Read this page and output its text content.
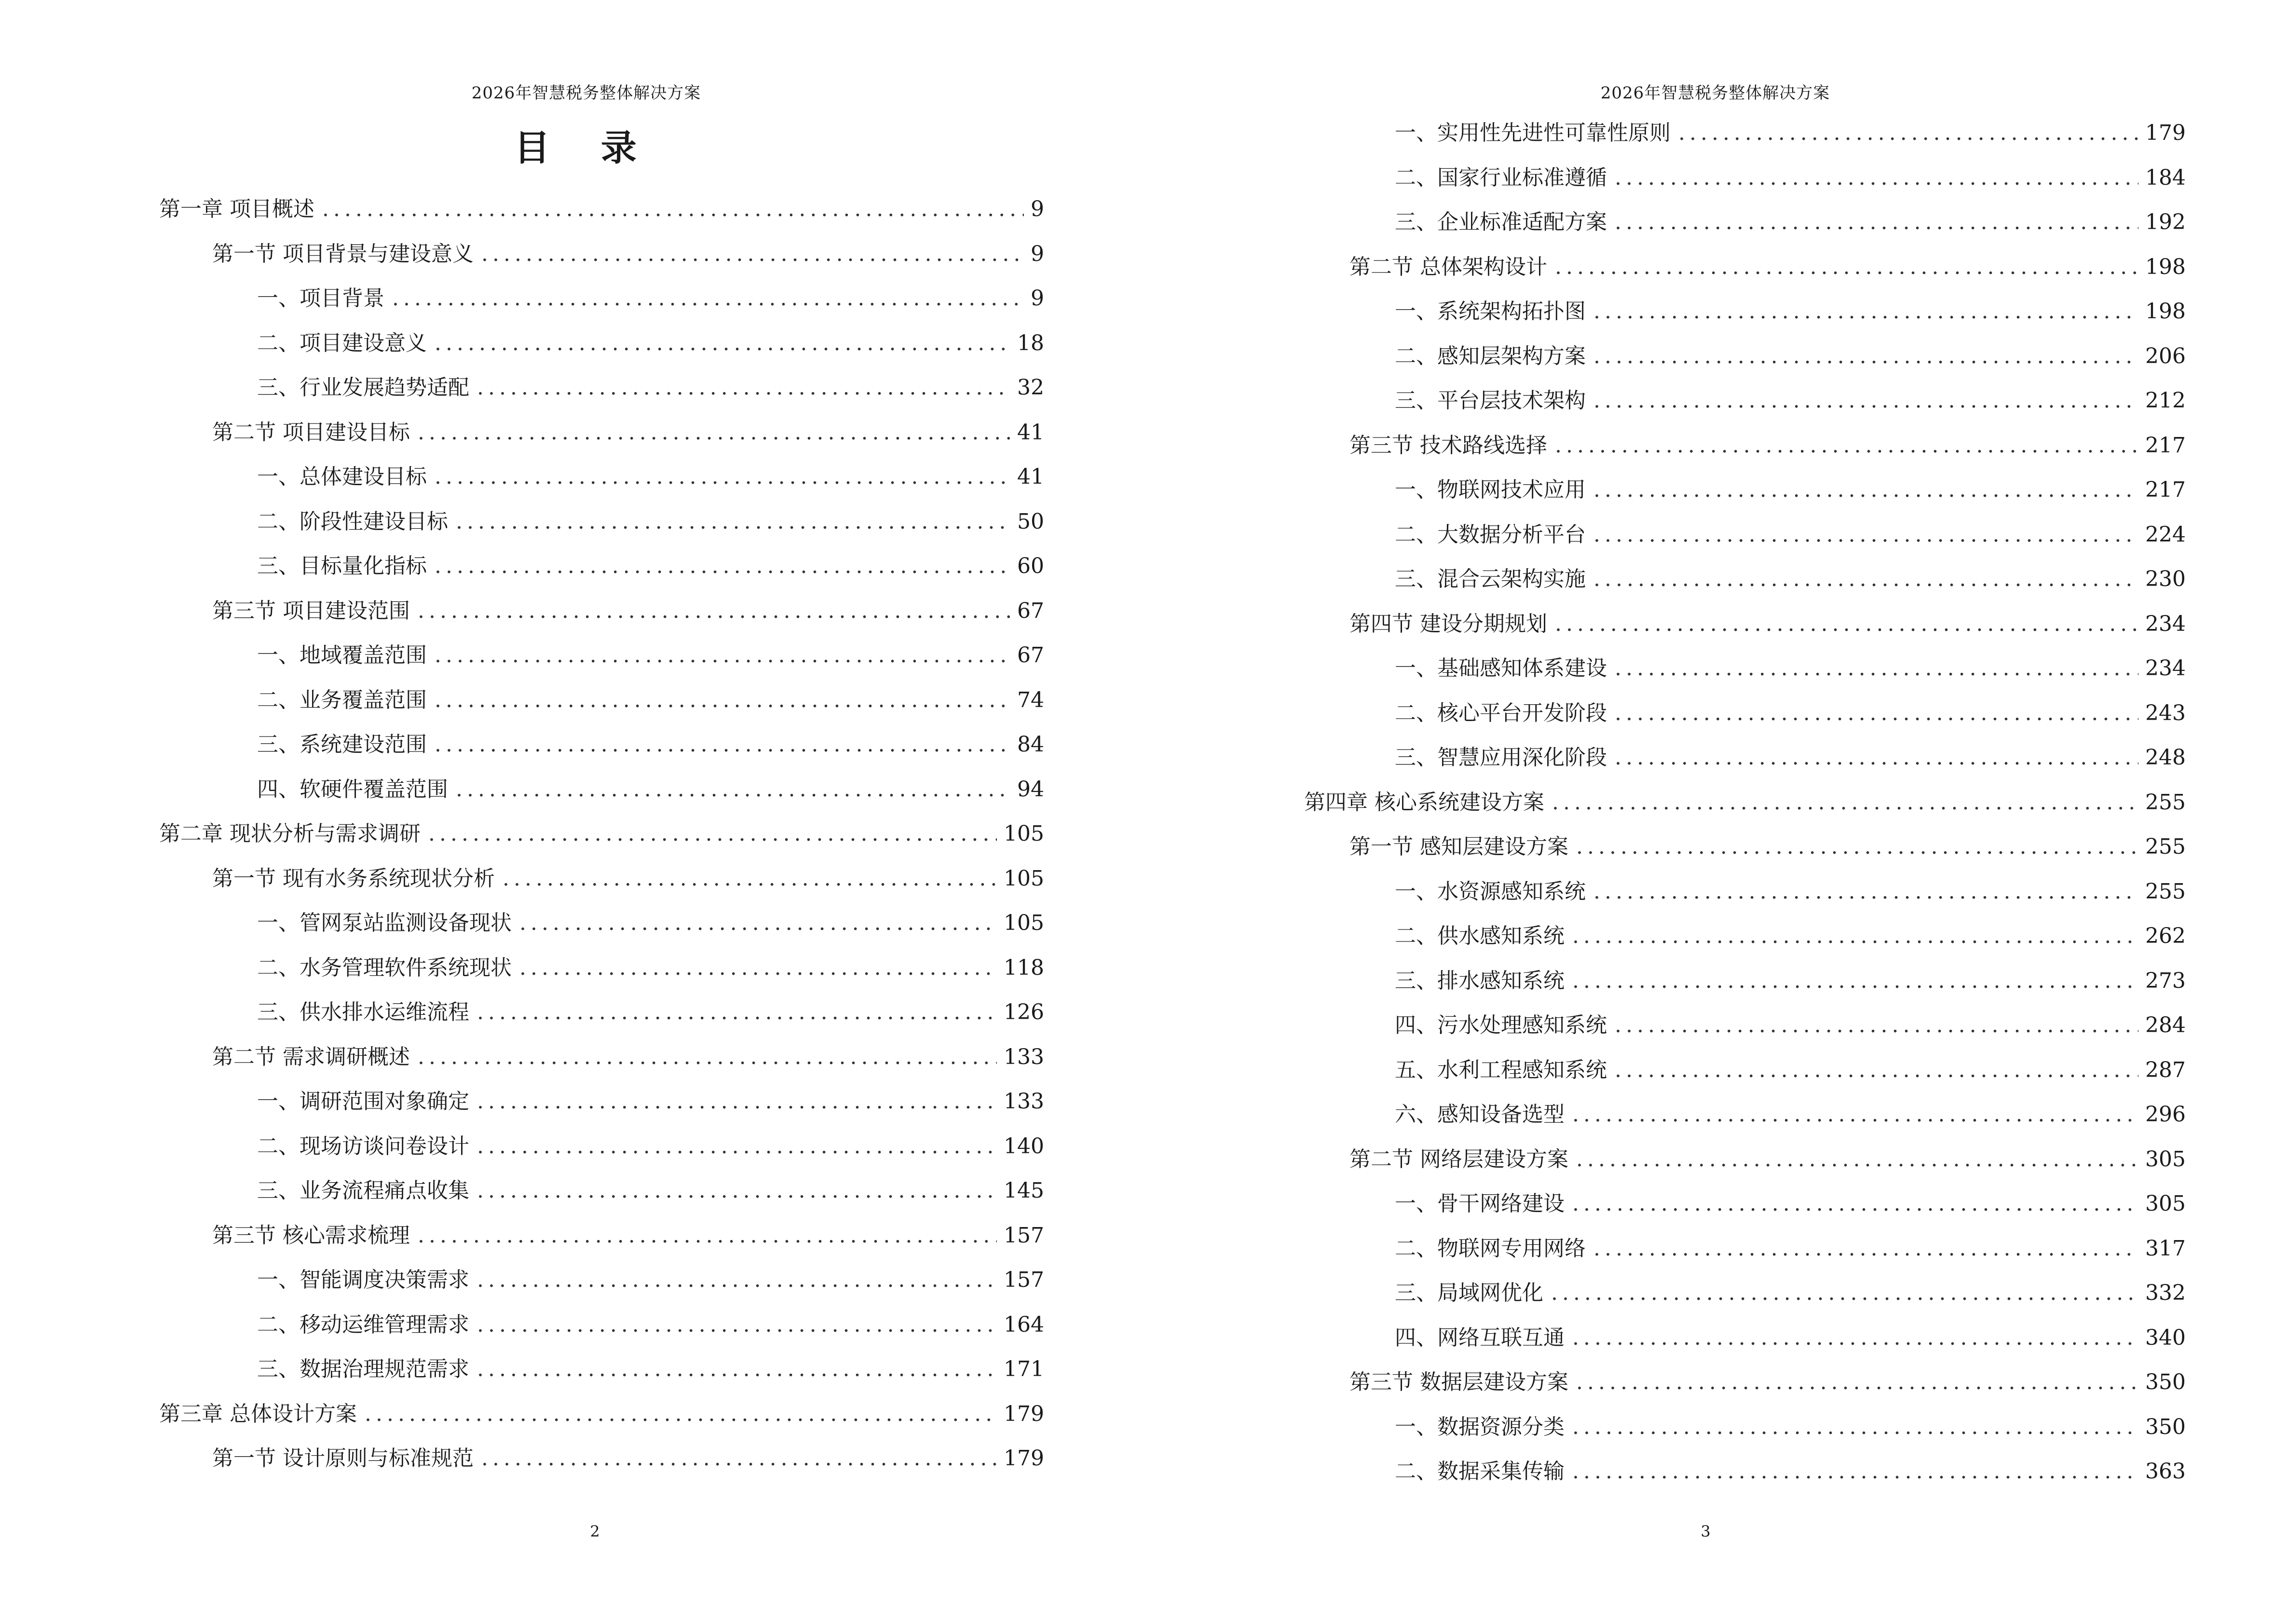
2026年智慧税务整体解决方案
目 录
第一章 项目概述 .....	9
第一节 项目背景与建设意义 .....	9
一、项目背景 .....	9
二、项目建设意义 .....	18
三、行业发展趋势适配 .....	32
第二节 项目建设目标 .....	41
一、总体建设目标 .....	41
二、阶段性建设目标 .....	50
三、目标量化指标 .....	60
第三节 项目建设范围 .....	67
一、地域覆盖范围 .....	67
二、业务覆盖范围 .....	74
三、系统建设范围 .....	84
四、软硬件覆盖范围 .....	94
第二章 现状分析与需求调研 .....	105
第一节 现有水务系统现状分析 .....	105
一、管网泵站监测设备现状 .....	105
二、水务管理软件系统现状 .....	118
三、供水排水运维流程 .....	126
第二节 需求调研概述 .....	133
一、调研范围对象确定 .....	133
二、现场访谈问卷设计 .....	140
三、业务流程痛点收集 .....	145
第三节 核心需求梳理 .....	157
一、智能调度决策需求 .....	157
二、移动运维管理需求 .....	164
三、数据治理规范需求 .....	171
第三章 总体设计方案 .....	179
第一节 设计原则与标准规范 .....	179
2
2026年智慧税务整体解决方案
一、实用性先进性可靠性原则 .....	179
二、国家行业标准遵循 .....	184
三、企业标准适配方案 .....	192
第二节 总体架构设计 .....	198
一、系统架构拓扑图 .....	198
二、感知层架构方案 .....	206
三、平台层技术架构 .....	212
第三节 技术路线选择 .....	217
一、物联网技术应用 .....	217
二、大数据分析平台 .....	224
三、混合云架构实施 .....	230
第四节 建设分期规划 .....	234
一、基础感知体系建设 .....	234
二、核心平台开发阶段 .....	243
三、智慧应用深化阶段 .....	248
第四章 核心系统建设方案 .....	255
第一节 感知层建设方案 .....	255
一、水资源感知系统 .....	255
二、供水感知系统 .....	262
三、排水感知系统 .....	273
四、污水处理感知系统 .....	284
五、水利工程感知系统 .....	287
六、感知设备选型 .....	296
第二节 网络层建设方案 .....	305
一、骨干网络建设 .....	305
二、物联网专用网络 .....	317
三、局域网优化 .....	332
四、网络互联互通 .....	340
第三节 数据层建设方案 .....	350
一、数据资源分类 .....	350
二、数据采集传输 .....	363
3
